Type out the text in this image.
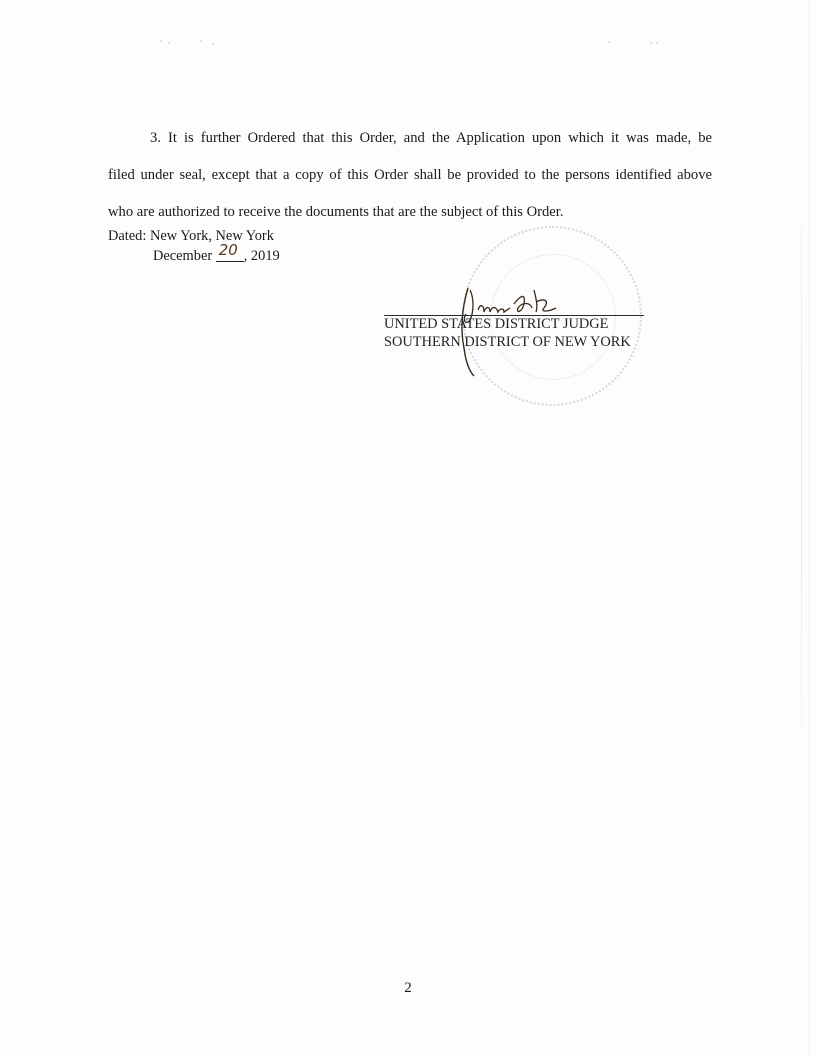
3. It is further Ordered that this Order, and the Application upon which it was made, be
filed under seal, except that a copy of this Order shall be provided to the persons identified above
who are authorized to receive the documents that are the subject of this Order.

Dated: New York, New York
December 20 , 2019
UNITED STATES DISTRICT JUDGE
SOUTHERN DISTRICT OF NEW YORK
2
